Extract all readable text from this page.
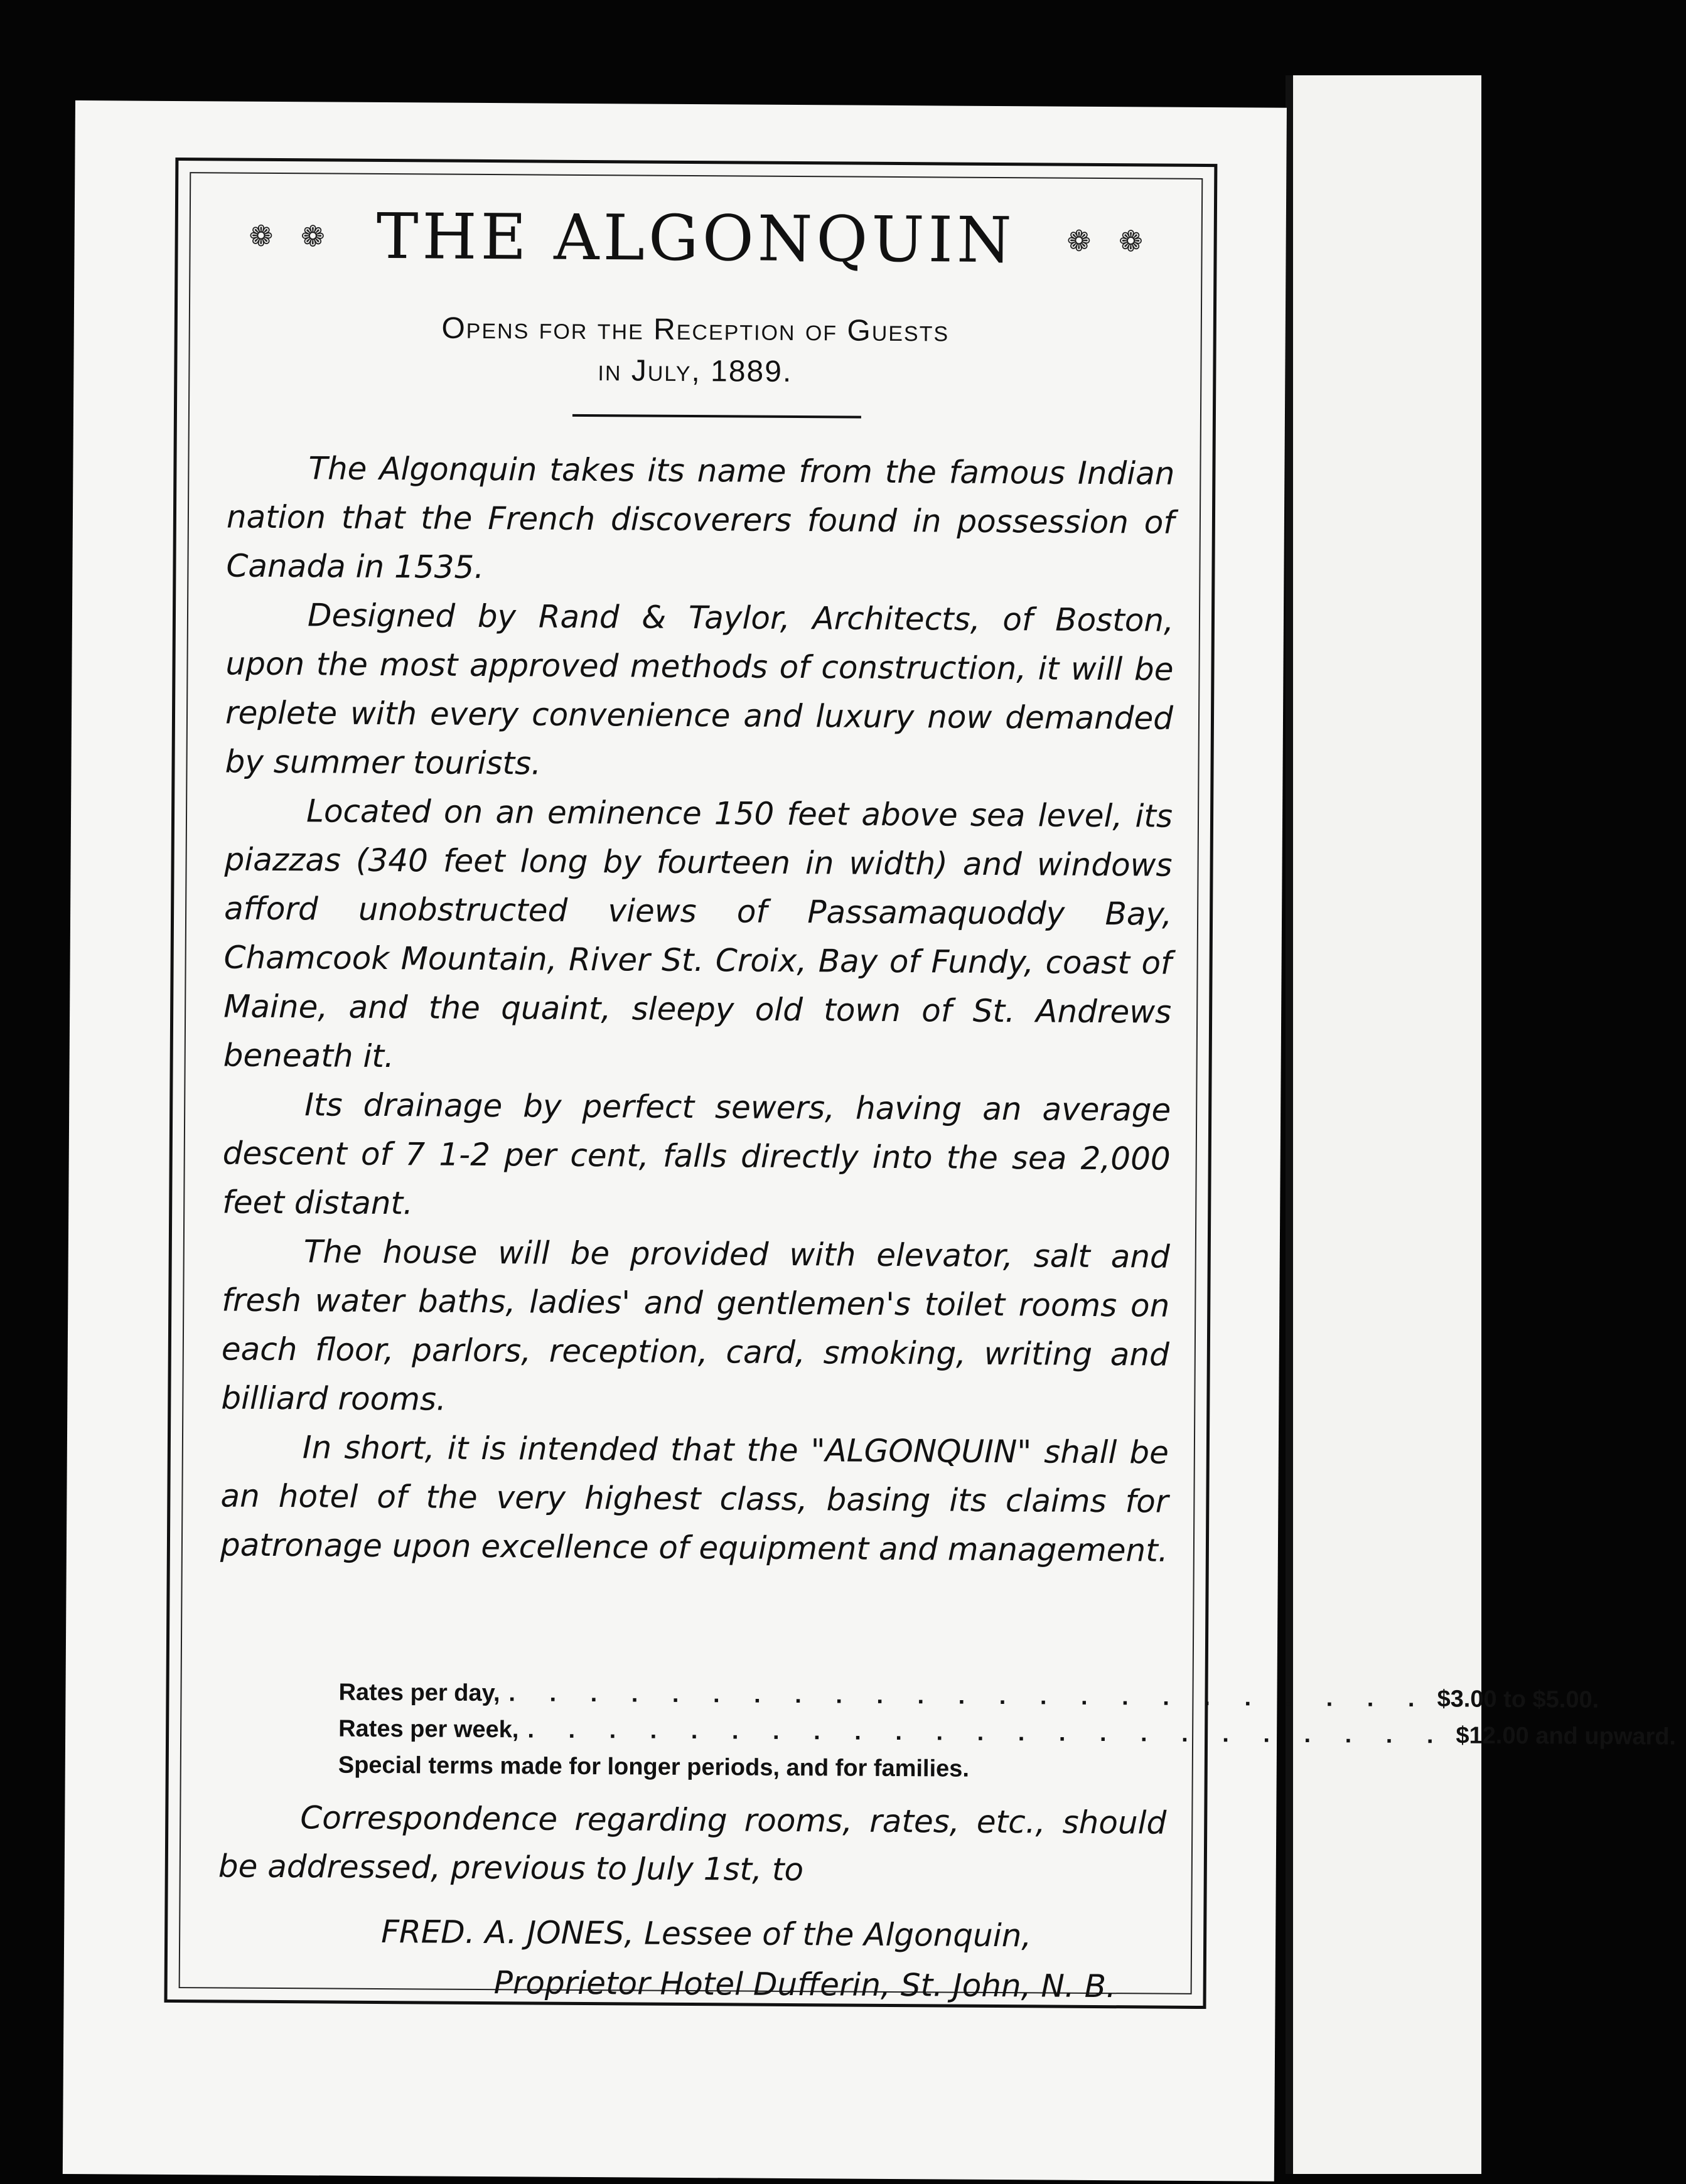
❁ ❁ THE ALGONQUIN ❁ ❁
Opens for the Reception of Guests
in July, 1889.

The Algonquin takes its name from the famous Indian nation that the French discoverers found in possession of Canada in 1535.

Designed by Rand & Taylor, Architects, of Boston, upon the most approved methods of construction, it will be replete with every convenience and luxury now demanded by summer tourists.

Located on an eminence 150 feet above sea level, its piazzas (340 feet long by fourteen in width) and windows afford unobstructed views of Passamaquoddy Bay, Chamcook Mountain, River St. Croix, Bay of Fundy, coast of Maine, and the quaint, sleepy old town of St. Andrews beneath it.

Its drainage by perfect sewers, having an average descent of 7 1-2 per cent, falls directly into the sea 2,000 feet distant.

The house will be provided with elevator, salt and fresh water baths, ladies' and gentlemen's toilet rooms on each floor, parlors, reception, card, smoking, writing and billiard rooms.

In short, it is intended that the "ALGONQUIN" shall be an hotel of the very highest class, basing its claims for patronage upon excellence of equipment and management.

Rates per day, . . . . . . . . . . . . . . . . . . . . . . . $3.00 to $5.00.
Rates per week, . . . . . . . . . . . . . . . . . . . . . . . $12.00 and upward.
Special terms made for longer periods, and for families.

Correspondence regarding rooms, rates, etc., should be addressed, previous to July 1st, to

FRED. A. JONES, Lessee of the Algonquin,
Proprietor Hotel Dufferin, St. John, N. B.
